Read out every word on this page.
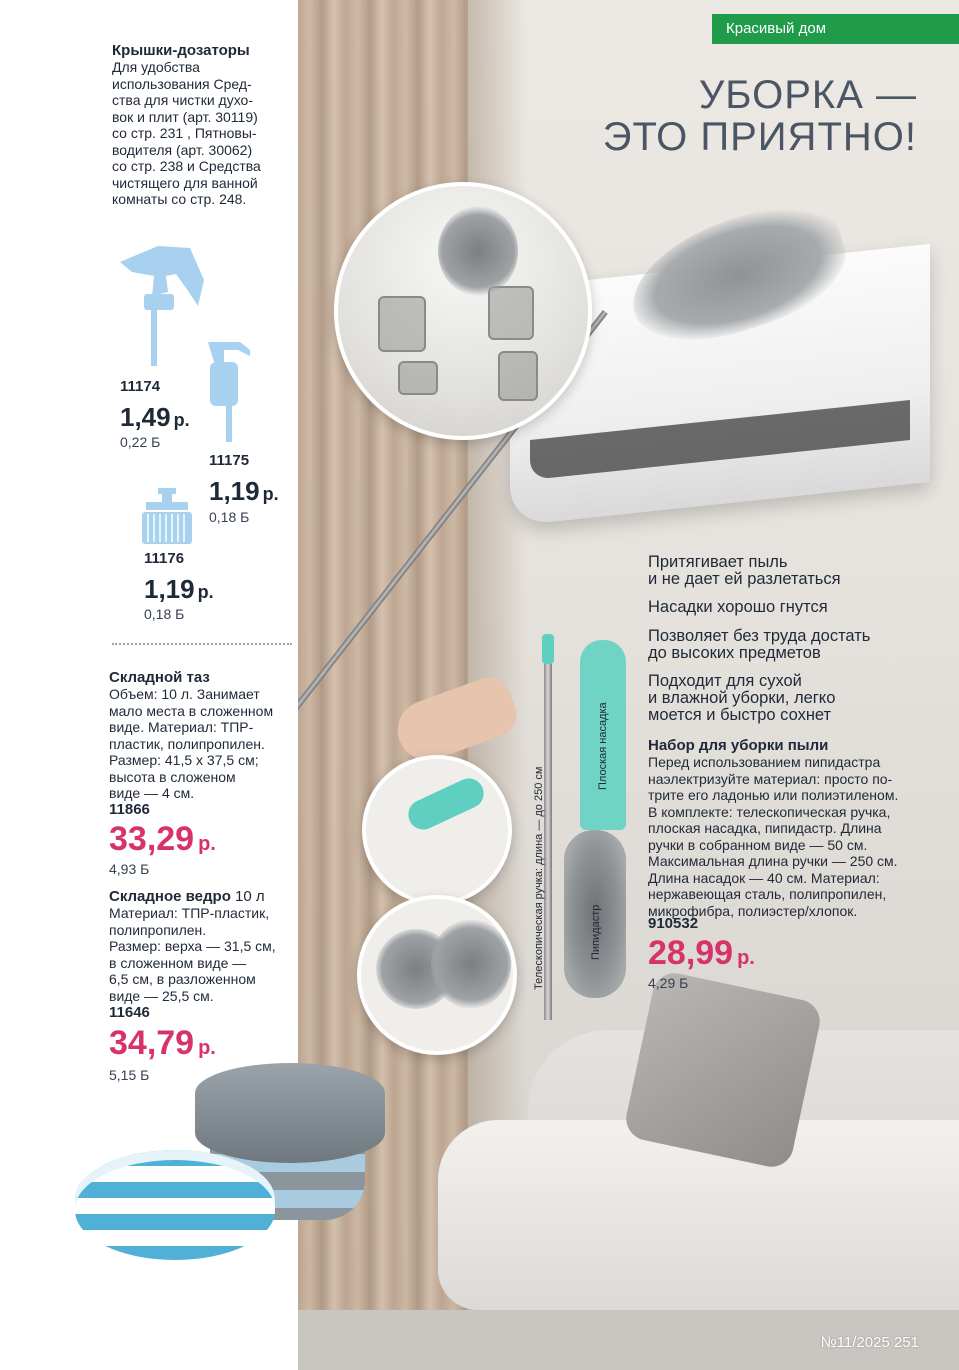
Телескопическая ручка: длина — до 250 см
Плоская насадка
Пипидастр
Красивый дом
УБОРКА —
ЭТО ПРИЯТНО!
Крышки-дозаторы
Для удобства
использования Сред-
ства для чистки духо-
вок и плит (арт. 30119)
со стр. 231 , Пятновы-
водителя (арт. 30062)
со стр. 238 и Средства
чистящего для ванной
комнаты со стр. 248.
11174
1,49 р.
0,22 Б
11175
1,19 р.
0,18 Б
11176
1,19 р.
0,18 Б
Складной таз
Объем: 10 л. Занимает
мало места в сложенном
виде. Материал: ТПР-
пластик, полипропилен.
Размер: 41,5 х 37,5 см;
высота в сложеном
виде — 4 см.
11866
33,29 р.
4,93 Б
Складное ведро 10 л
Материал: ТПР-пластик,
полипропилен.
Размер: верха — 31,5 см,
в сложенном виде —
6,5 см, в разложенном
виде — 25,5 см.
11646
34,79 р.
5,15 Б
Притягивает пыль
и не дает ей разлетаться
Насадки хорошо гнутся
Позволяет без труда достать
до высоких предметов
Подходит для сухой
и влажной уборки, легко
моется и быстро сохнет
Набор для уборки пыли
Перед использованием пипидастра
наэлектризуйте материал: просто по-
трите его ладонью или полиэтиленом.
В комплекте: телескопическая ручка,
плоская насадка, пипидастр. Длина
ручки в собранном виде — 50 см.
Максимальная длина ручки — 250 см.
Длина насадок — 40 см. Материал:
нержавеющая сталь, полипропилен,
микрофибра, полиэстер/хлопок.
910532
28,99 р.
4,29 Б
№11/2025 251
